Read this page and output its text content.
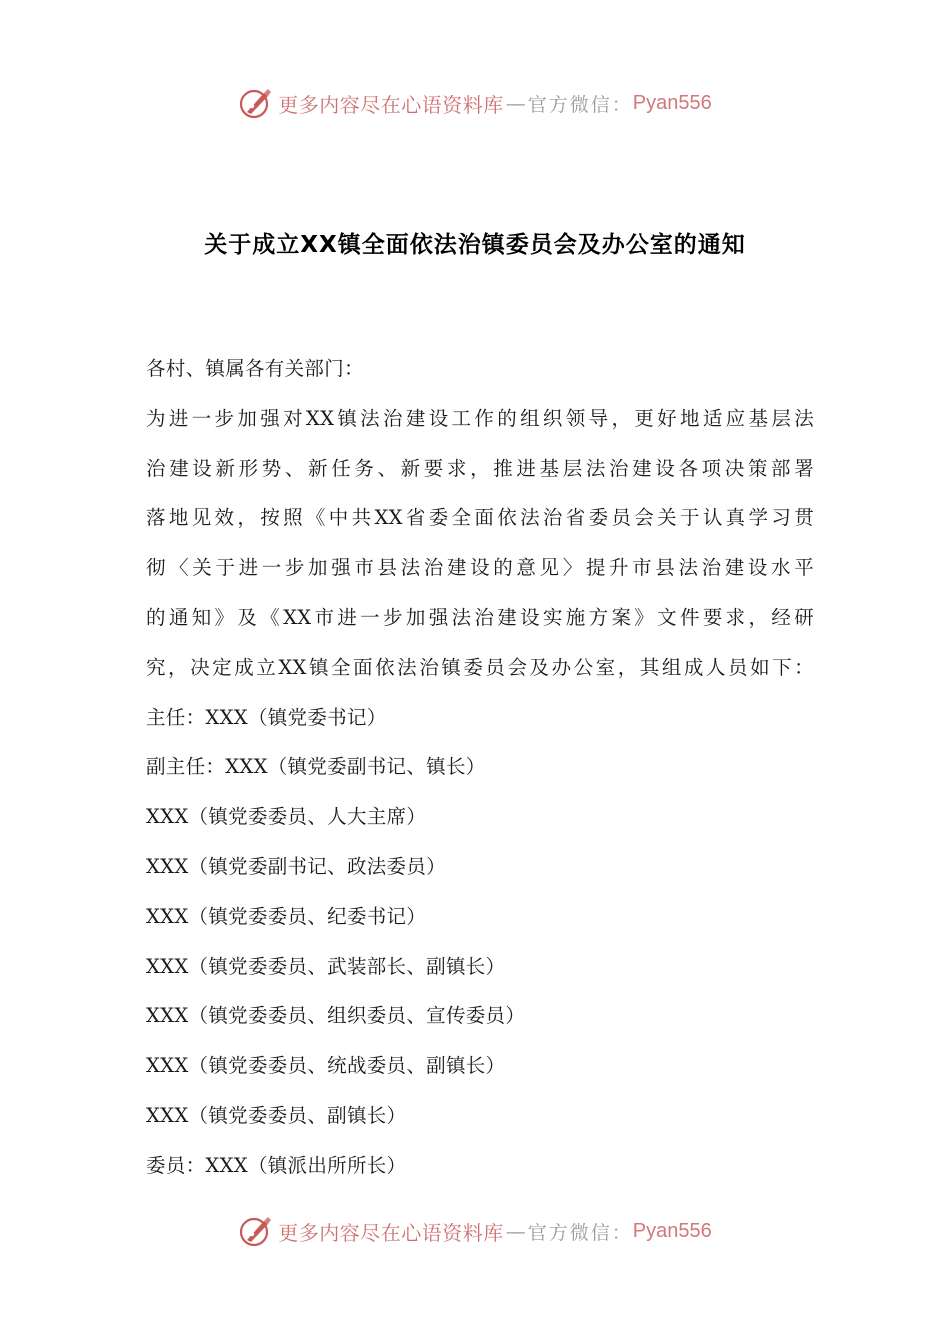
更多内容尽在心语资料库 — 官方微信： Pyan556
关于成立XX镇全面依法治镇委员会及办公室的通知
各村、镇属各有关部门：
为进一步加强对XX镇法治建设工作的组织领导，更好地适应基层法
治建设新形势、新任务、新要求，推进基层法治建设各项决策部署
落地见效，按照《中共XX省委全面依法治省委员会关于认真学习贯
彻〈关于进一步加强市县法治建设的意见〉提升市县法治建设水平
的通知》及《XX市进一步加强法治建设实施方案》文件要求，经研
究，决定成立XX镇全面依法治镇委员会及办公室，其组成人员如下：
主任：XXX（镇党委书记）
副主任：XXX（镇党委副书记、镇长）
XXX（镇党委委员、人大主席）
XXX（镇党委副书记、政法委员）
XXX（镇党委委员、纪委书记）
XXX（镇党委委员、武装部长、副镇长）
XXX（镇党委委员、组织委员、宣传委员）
XXX（镇党委委员、统战委员、副镇长）
XXX（镇党委委员、副镇长）
委员：XXX（镇派出所所长）
更多内容尽在心语资料库 — 官方微信： Pyan556
